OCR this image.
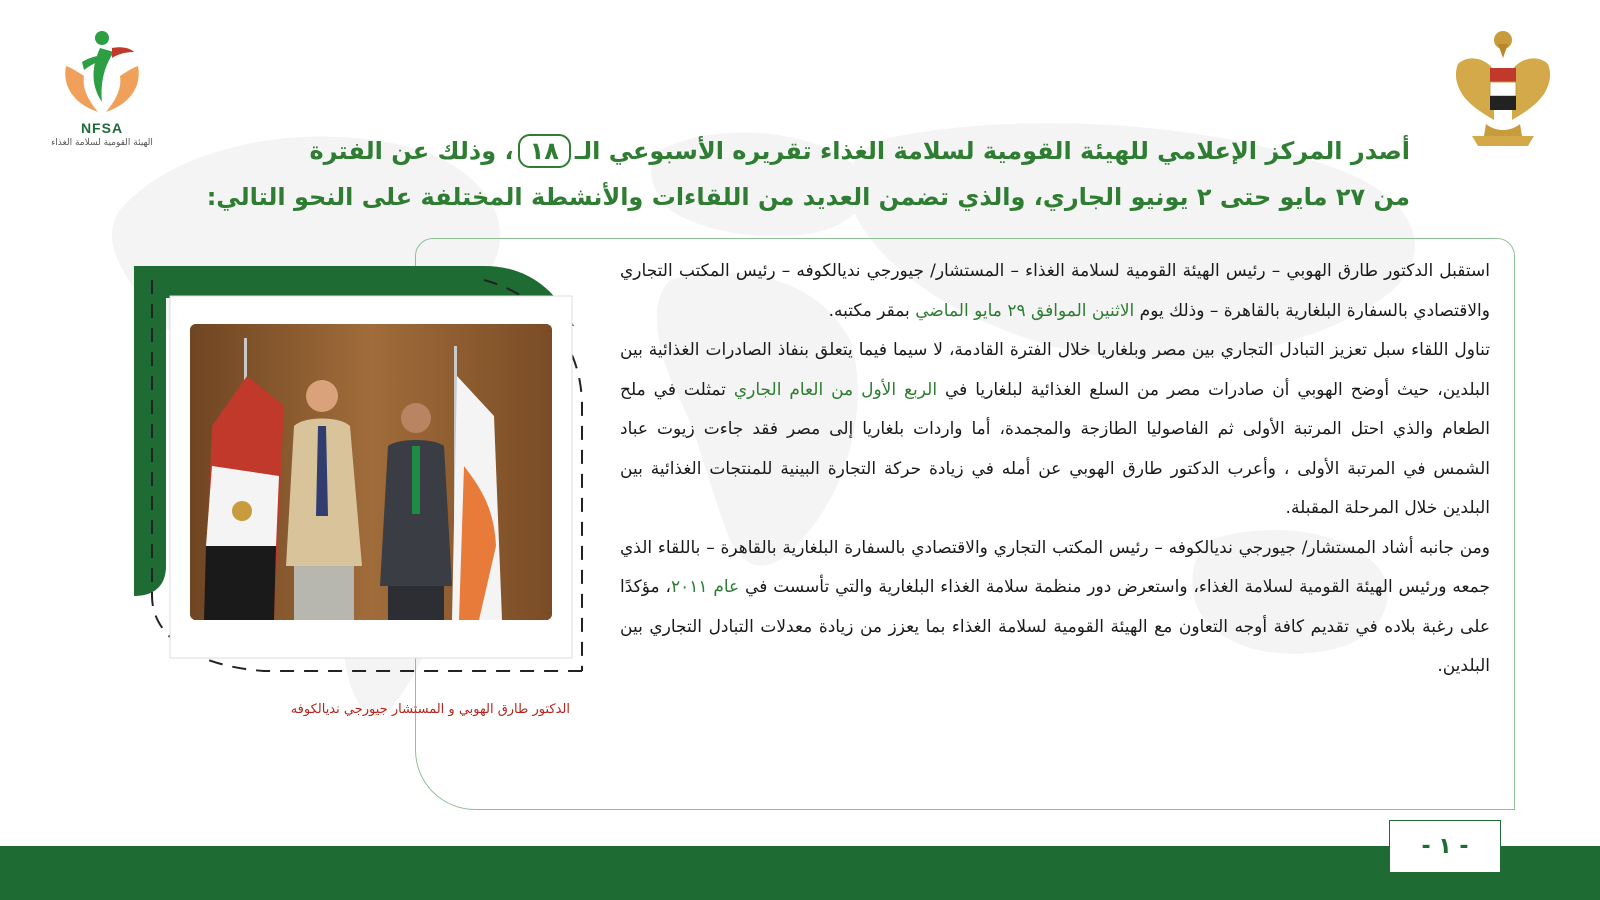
NFSA
الهيئة القومية لسلامة الغذاء	أصدر المركز الإعلامي للهيئة القومية لسلامة الغذاء تقريره الأسبوعي الـ١٨، وذلك عن الفترة
من ٢٧ مايو حتى ٢ يونيو الجاري، والذي تضمن العديد من اللقاءات والأنشطة المختلفة على النحو التالي:

استقبل الدكتور طارق الهوبي – رئيس الهيئة القومية لسلامة الغذاء – المستشار/ جيورجي نديالكوفه – رئيس المكتب التجاري والاقتصادي بالسفارة البلغارية بالقاهرة – وذلك يوم الاثنين الموافق ٢٩ مايو الماضي بمقر مكتبه.

تناول اللقاء سبل تعزيز التبادل التجاري بين مصر وبلغاريا خلال الفترة القادمة، لا سيما فيما يتعلق بنفاذ الصادرات الغذائية بين البلدين، حيث أوضح الهوبي أن صادرات مصر من السلع الغذائية لبلغاريا في الربع الأول من العام الجاري تمثلت في ملح الطعام والذي احتل المرتبة الأولى ثم الفاصوليا الطازجة والمجمدة، أما واردات بلغاريا إلى مصر فقد جاءت زيوت عباد الشمس في المرتبة الأولى ، وأعرب الدكتور طارق الهوبي عن أمله في زيادة حركة التجارة البينية للمنتجات الغذائية بين البلدين خلال المرحلة المقبلة.

ومن جانبه أشاد المستشار/ جيورجي نديالكوفه – رئيس المكتب التجاري والاقتصادي بالسفارة البلغارية بالقاهرة – باللقاء الذي جمعه ورئيس الهيئة القومية لسلامة الغذاء، واستعرض دور منظمة سلامة الغذاء البلغارية والتي تأسست في عام ٢٠١١، مؤكدًا على رغبة بلاده في تقديم كافة أوجه التعاون مع الهيئة القومية لسلامة الغذاء بما يعزز من زيادة معدلات التبادل التجاري بين البلدين.

الدكتور طارق الهوبي و المستشار جيورجي نديالكوفه
- ١ -
